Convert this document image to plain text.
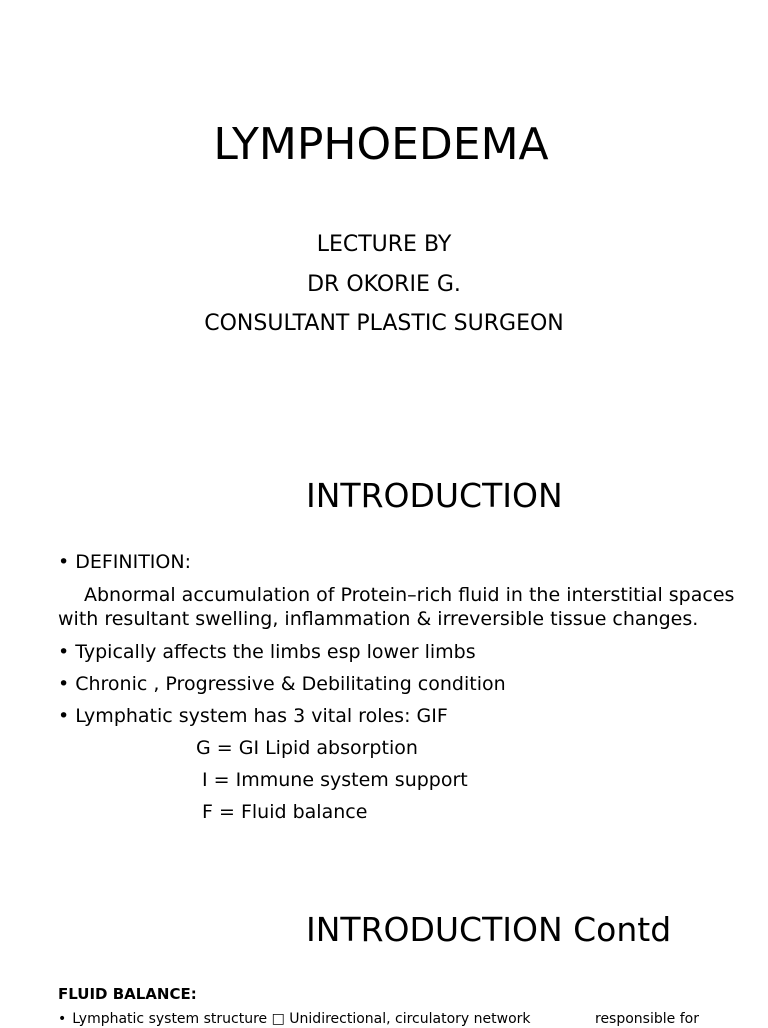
LYMPHOEDEMA
LECTURE BY
DR OKORIE G.
CONSULTANT PLASTIC SURGEON
INTRODUCTION
• DEFINITION:
Abnormal accumulation of Protein–rich fluid in the interstitial spaces
with resultant swelling, inflammation & irreversible tissue changes.
• Typically affects the limbs esp lower limbs
• Chronic , Progressive & Debilitating condition
• Lymphatic system has 3 vital roles: GIF
G = GI Lipid absorption
I = Immune system support
F = Fluid balance
INTRODUCTION Contd
FLUID BALANCE:
• Lymphatic system structure □ Unidirectional, circulatory network	responsible for
